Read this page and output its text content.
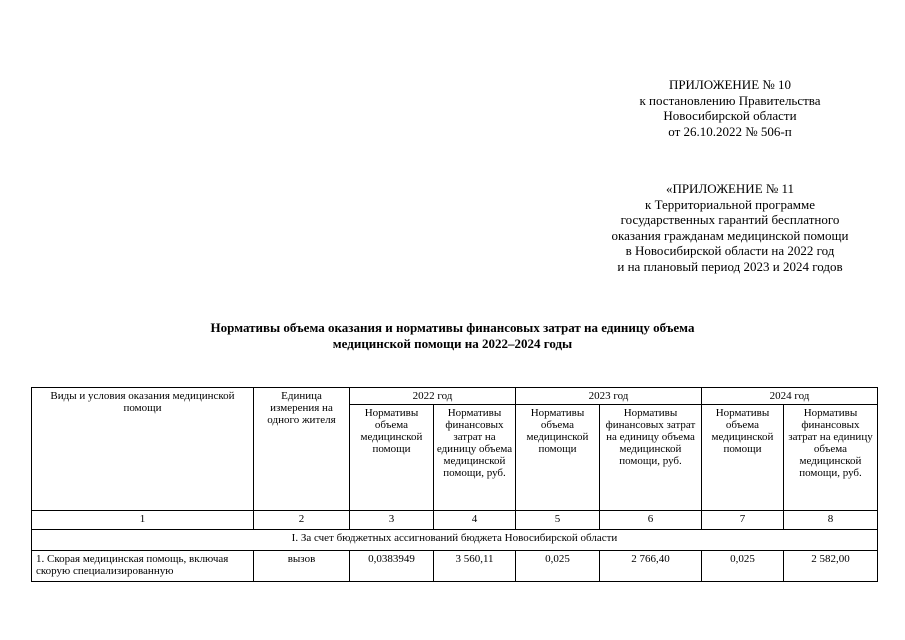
ПРИЛОЖЕНИЕ № 10
к постановлению Правительства
Новосибирской области
от 26.10.2022 № 506-п
«ПРИЛОЖЕНИЕ № 11
к Территориальной программе
государственных гарантий бесплатного
оказания гражданам медицинской помощи
в Новосибирской области на 2022 год
и на плановый период 2023 и 2024 годов
Нормативы объема оказания и нормативы финансовых затрат на единицу объема
медицинской помощи на 2022–2024 годы
Виды и условия оказания медицинской помощи	Единица измерения на одного жителя	2022 год		2023 год		2024 год	
		Нормативы объема медицинской помощи	Нормативы финансовых затрат на единицу объема медицинской помощи, руб.	Нормативы объема медицинской помощи	Нормативы финансовых затрат на единицу объема медицинской помощи, руб.	Нормативы объема медицинской помощи	Нормативы финансовых затрат на единицу объема медицинской помощи, руб.
1	2	3	4	5	6	7	8
I. За счет бюджетных ассигнований бюджета Новосибирской области							
1. Скорая медицинская помощь, включая скорую специализированную	вызов	0,0383949	3 560,11	0,025	2 766,40	0,025	2 582,00
